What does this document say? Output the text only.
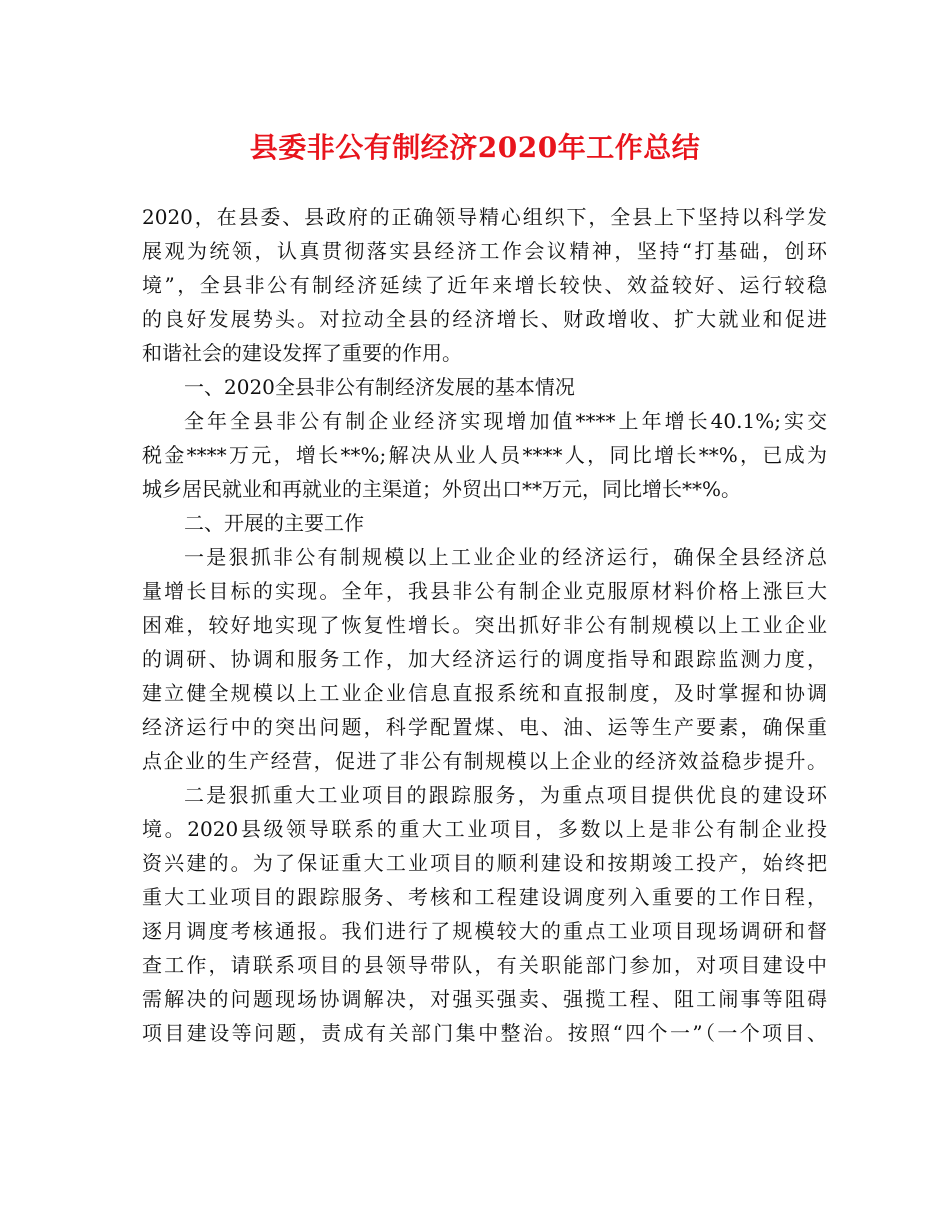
县委非公有制经济2020年工作总结
2020，在县委、县政府的正确领导精心组织下，全县上下坚持以科学发
展观为统领，认真贯彻落实县经济工作会议精神，坚持“打基础，创环
境”，全县非公有制经济延续了近年来增长较快、效益较好、运行较稳
的良好发展势头。对拉动全县的经济增长、财政增收、扩大就业和促进
和谐社会的建设发挥了重要的作用。
一、2020全县非公有制经济发展的基本情况
全年全县非公有制企业经济实现增加值****上年增长40.1%;实交
税金****万元，增长**%;解决从业人员****人，同比增长**%，已成为
城乡居民就业和再就业的主渠道；外贸出口**万元，同比增长**%。
二、开展的主要工作
一是狠抓非公有制规模以上工业企业的经济运行，确保全县经济总
量增长目标的实现。全年，我县非公有制企业克服原材料价格上涨巨大
困难，较好地实现了恢复性增长。突出抓好非公有制规模以上工业企业
的调研、协调和服务工作，加大经济运行的调度指导和跟踪监测力度，
建立健全规模以上工业企业信息直报系统和直报制度，及时掌握和协调
经济运行中的突出问题，科学配置煤、电、油、运等生产要素，确保重
点企业的生产经营，促进了非公有制规模以上企业的经济效益稳步提升。
二是狠抓重大工业项目的跟踪服务，为重点项目提供优良的建设环
境。2020县级领导联系的重大工业项目，多数以上是非公有制企业投
资兴建的。为了保证重大工业项目的顺利建设和按期竣工投产，始终把
重大工业项目的跟踪服务、考核和工程建设调度列入重要的工作日程，
逐月调度考核通报。我们进行了规模较大的重点工业项目现场调研和督
查工作，请联系项目的县领导带队，有关职能部门参加，对项目建设中
需解决的问题现场协调解决，对强买强卖、强揽工程、阻工闹事等阻碍
项目建设等问题，责成有关部门集中整治。按照“四个一”（一个项目、
